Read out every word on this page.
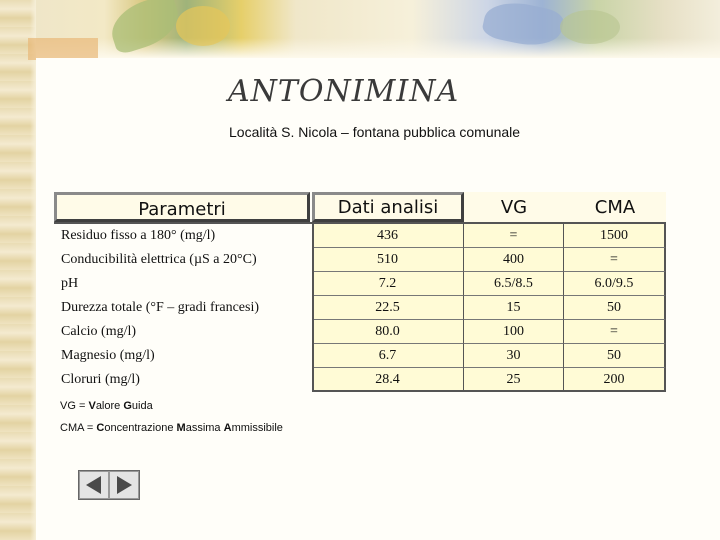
ANTONIMINA
Località S. Nicola – fontana pubblica comunale
Parametri	Dati analisi	VG	CMA
Residuo fisso a 180° (mg/l)	436	=	1500
Conducibilità elettrica (µS a 20°C)	510	400	=
pH	7.2	6.5/8.5	6.0/9.5
Durezza totale (°F – gradi francesi)	22.5	15	50
Calcio (mg/l)	80.0	100	=
Magnesio (mg/l)	6.7	30	50
Cloruri (mg/l)	28.4	25	200
VG = Valore Guida
CMA = Concentrazione Massima Ammissibile
